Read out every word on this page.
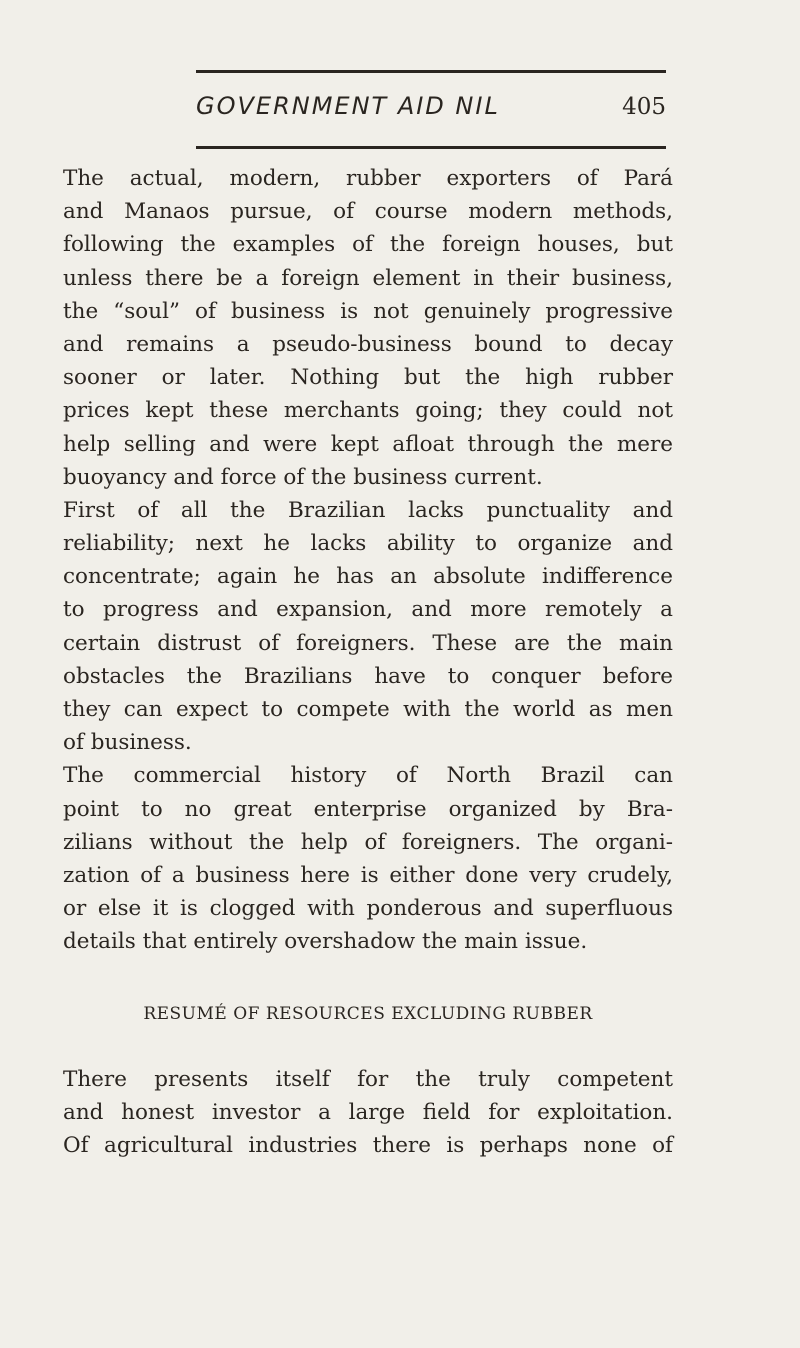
GOVERNMENT AID NIL	405
The actual, modern, rubber exporters of Pará
and Manaos pursue, of course modern methods,
following the examples of the foreign houses, but
unless there be a foreign element in their business,
the “soul” of business is not genuinely progressive
and remains a pseudo-business bound to decay
sooner or later. Nothing but the high rubber
prices kept these merchants going; they could not
help selling and were kept afloat through the mere
buoyancy and force of the business current.
First of all the Brazilian lacks punctuality and
reliability; next he lacks ability to organize and
concentrate; again he has an absolute indifference
to progress and expansion, and more remotely a
certain distrust of foreigners. These are the main
obstacles the Brazilians have to conquer before
they can expect to compete with the world as men
of business.
The commercial history of North Brazil can
point to no great enterprise organized by Bra-
zilians without the help of foreigners. The organi-
zation of a business here is either done very crudely,
or else it is clogged with ponderous and superfluous
details that entirely overshadow the main issue.
RESUMÉ OF RESOURCES EXCLUDING RUBBER
There presents itself for the truly competent
and honest investor a large field for exploitation.
Of agricultural industries there is perhaps none of
